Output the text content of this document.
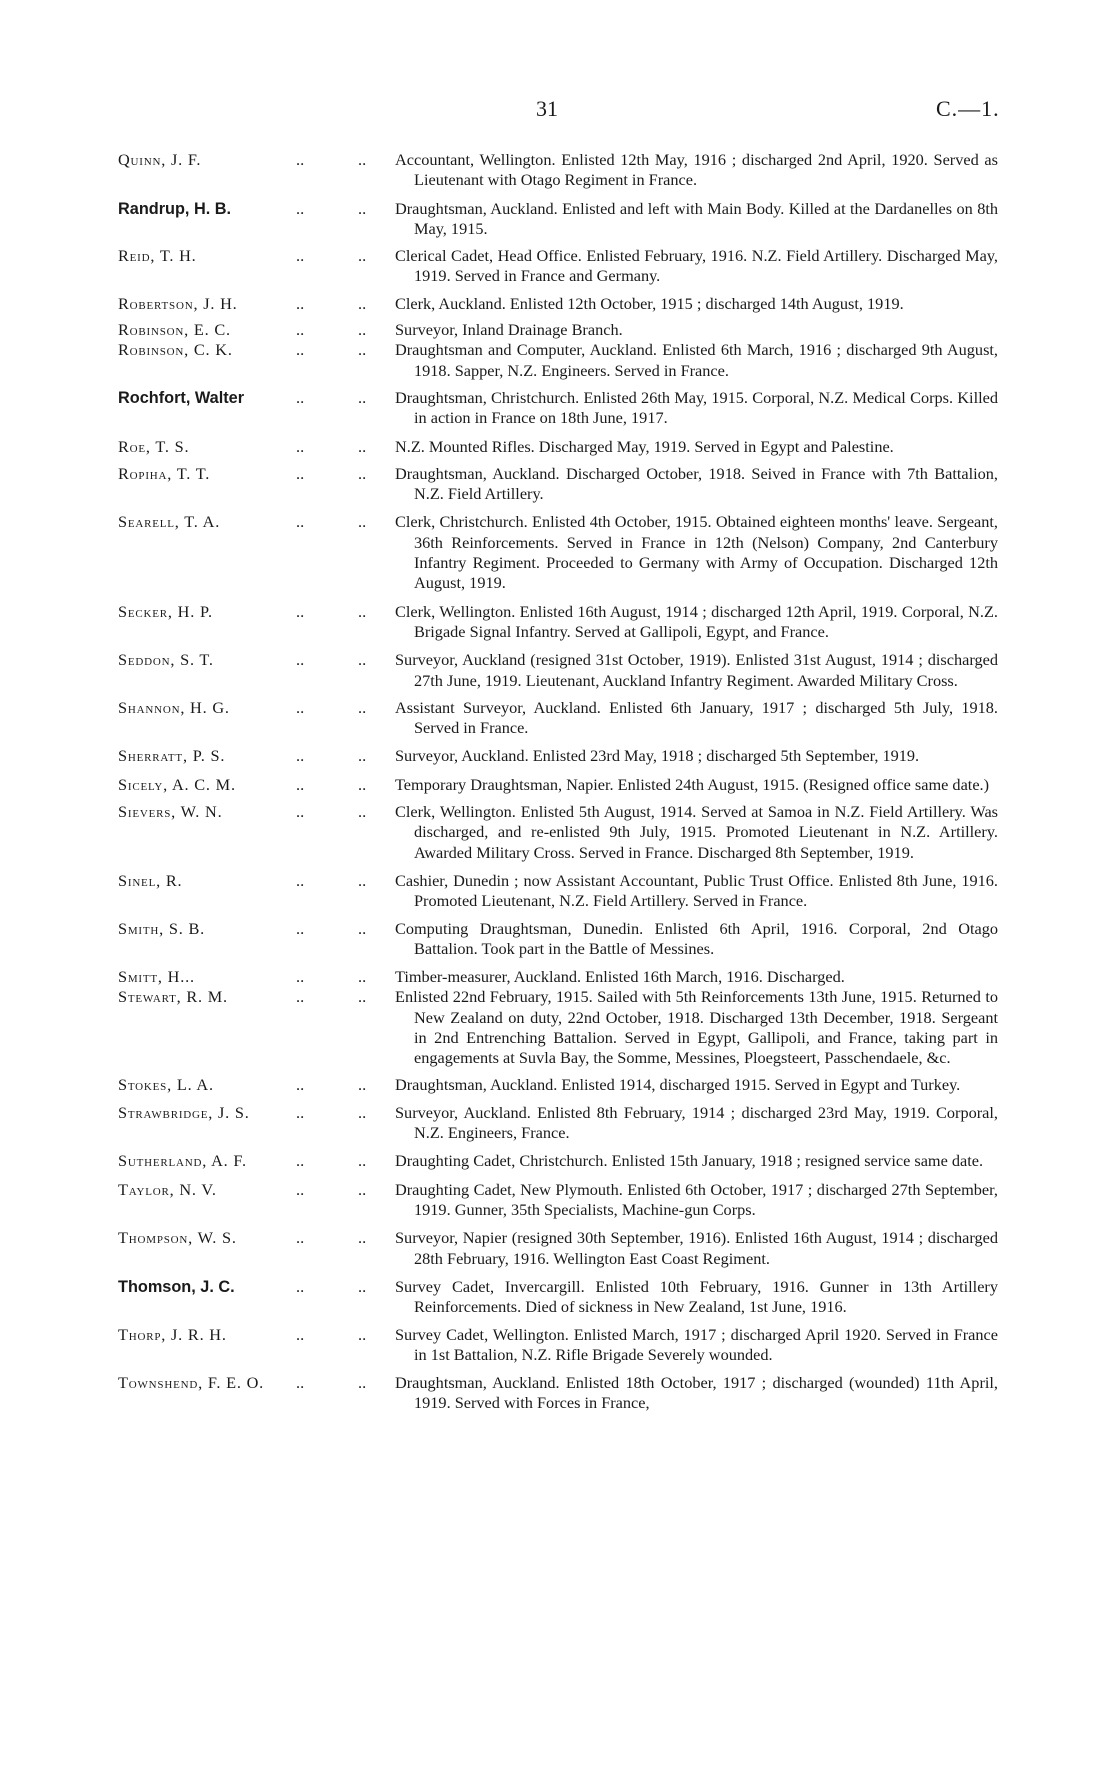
31	C.—1.
Quinn, J. F.	..	.. Accountant, Wellington. Enlisted 12th May, 1916 ; discharged 2nd April, 1920. Served as Lieutenant with Otago Regiment in France.
Randrup, H. B.	..	.. Draughtsman, Auckland. Enlisted and left with Main Body. Killed at the Dardanelles on 8th May, 1915.
Reid, T. H.	..	.. Clerical Cadet, Head Office. Enlisted February, 1916. N.Z. Field Artillery. Discharged May, 1919. Served in France and Germany.
Robertson, J. H.	..	.. Clerk, Auckland. Enlisted 12th October, 1915 ; discharged 14th August, 1919.
Robinson, E. C.	..	.. Surveyor, Inland Drainage Branch.
Robinson, C. K.	..	.. Draughtsman and Computer, Auckland. Enlisted 6th March, 1916 ; discharged 9th August, 1918. Sapper, N.Z. Engineers. Served in France.
Rochfort, Walter	..	.. Draughtsman, Christchurch. Enlisted 26th May, 1915. Corporal, N.Z. Medical Corps. Killed in action in France on 18th June, 1917.
Roe, T. S.	..	.. N.Z. Mounted Rifles. Discharged May, 1919. Served in Egypt and Palestine.
Ropiha, T. T.	..	.. Draughtsman, Auckland. Discharged October, 1918. Seived in France with 7th Battalion, N.Z. Field Artillery.
Searell, T. A.	..	.. Clerk, Christchurch. Enlisted 4th October, 1915. Obtained eighteen months' leave. Sergeant, 36th Reinforcements. Served in France in 12th (Nelson) Company, 2nd Canterbury Infantry Regiment. Proceeded to Germany with Army of Occupation. Discharged 12th August, 1919.
Secker, H. P.	..	.. Clerk, Wellington. Enlisted 16th August, 1914 ; discharged 12th April, 1919. Corporal, N.Z. Brigade Signal Infantry. Served at Gallipoli, Egypt, and France.
Seddon, S. T.	..	.. Surveyor, Auckland (resigned 31st October, 1919). Enlisted 31st August, 1914 ; discharged 27th June, 1919. Lieutenant, Auckland Infantry Regiment. Awarded Military Cross.
Shannon, H. G.	..	.. Assistant Surveyor, Auckland. Enlisted 6th January, 1917 ; discharged 5th July, 1918. Served in France.
Sherratt, P. S.	..	.. Surveyor, Auckland. Enlisted 23rd May, 1918 ; discharged 5th September, 1919.
Sicely, A. C. M.	..	.. Temporary Draughtsman, Napier. Enlisted 24th August, 1915. (Resigned office same date.)
Sievers, W. N.	..	.. Clerk, Wellington. Enlisted 5th August, 1914. Served at Samoa in N.Z. Field Artillery. Was discharged, and re-enlisted 9th July, 1915. Promoted Lieutenant in N.Z. Artillery. Awarded Military Cross. Served in France. Discharged 8th September, 1919.
Sinel, R.	..	.. Cashier, Dunedin ; now Assistant Accountant, Public Trust Office. Enlisted 8th June, 1916. Promoted Lieutenant, N.Z. Field Artillery. Served in France.
Smith, S. B.	..	.. Computing Draughtsman, Dunedin. Enlisted 6th April, 1916. Corporal, 2nd Otago Battalion. Took part in the Battle of Messines.
Smitt, H...	..	.. Timber-measurer, Auckland. Enlisted 16th March, 1916. Discharged.
Stewart, R. M.	..	.. Enlisted 22nd February, 1915. Sailed with 5th Reinforcements 13th June, 1915. Returned to New Zealand on duty, 22nd October, 1918. Discharged 13th December, 1918. Sergeant in 2nd Entrenching Battalion. Served in Egypt, Gallipoli, and France, taking part in engagements at Suvla Bay, the Somme, Messines, Ploegsteert, Passchendaele, &c.
Stokes, L. A.	..	.. Draughtsman, Auckland. Enlisted 1914, discharged 1915. Served in Egypt and Turkey.
Strawbridge, J. S.	..	.. Surveyor, Auckland. Enlisted 8th February, 1914 ; discharged 23rd May, 1919. Corporal, N.Z. Engineers, France.
Sutherland, A. F.	..	.. Draughting Cadet, Christchurch. Enlisted 15th January, 1918 ; resigned service same date.
Taylor, N. V.	..	.. Draughting Cadet, New Plymouth. Enlisted 6th October, 1917 ; discharged 27th September, 1919. Gunner, 35th Specialists, Machine-gun Corps.
Thompson, W. S.	..	.. Surveyor, Napier (resigned 30th September, 1916). Enlisted 16th August, 1914 ; discharged 28th February, 1916. Wellington East Coast Regiment.
Thomson, J. C.	..	.. Survey Cadet, Invercargill. Enlisted 10th February, 1916. Gunner in 13th Artillery Reinforcements. Died of sickness in New Zealand, 1st June, 1916.
Thorp, J. R. H.	..	.. Survey Cadet, Wellington. Enlisted March, 1917 ; discharged April 1920. Served in France in 1st Battalion, N.Z. Rifle Brigade Severely wounded.
Townshend, F. E. O.	..	.. Draughtsman, Auckland. Enlisted 18th October, 1917 ; discharged (wounded) 11th April, 1919. Served with Forces in France,
